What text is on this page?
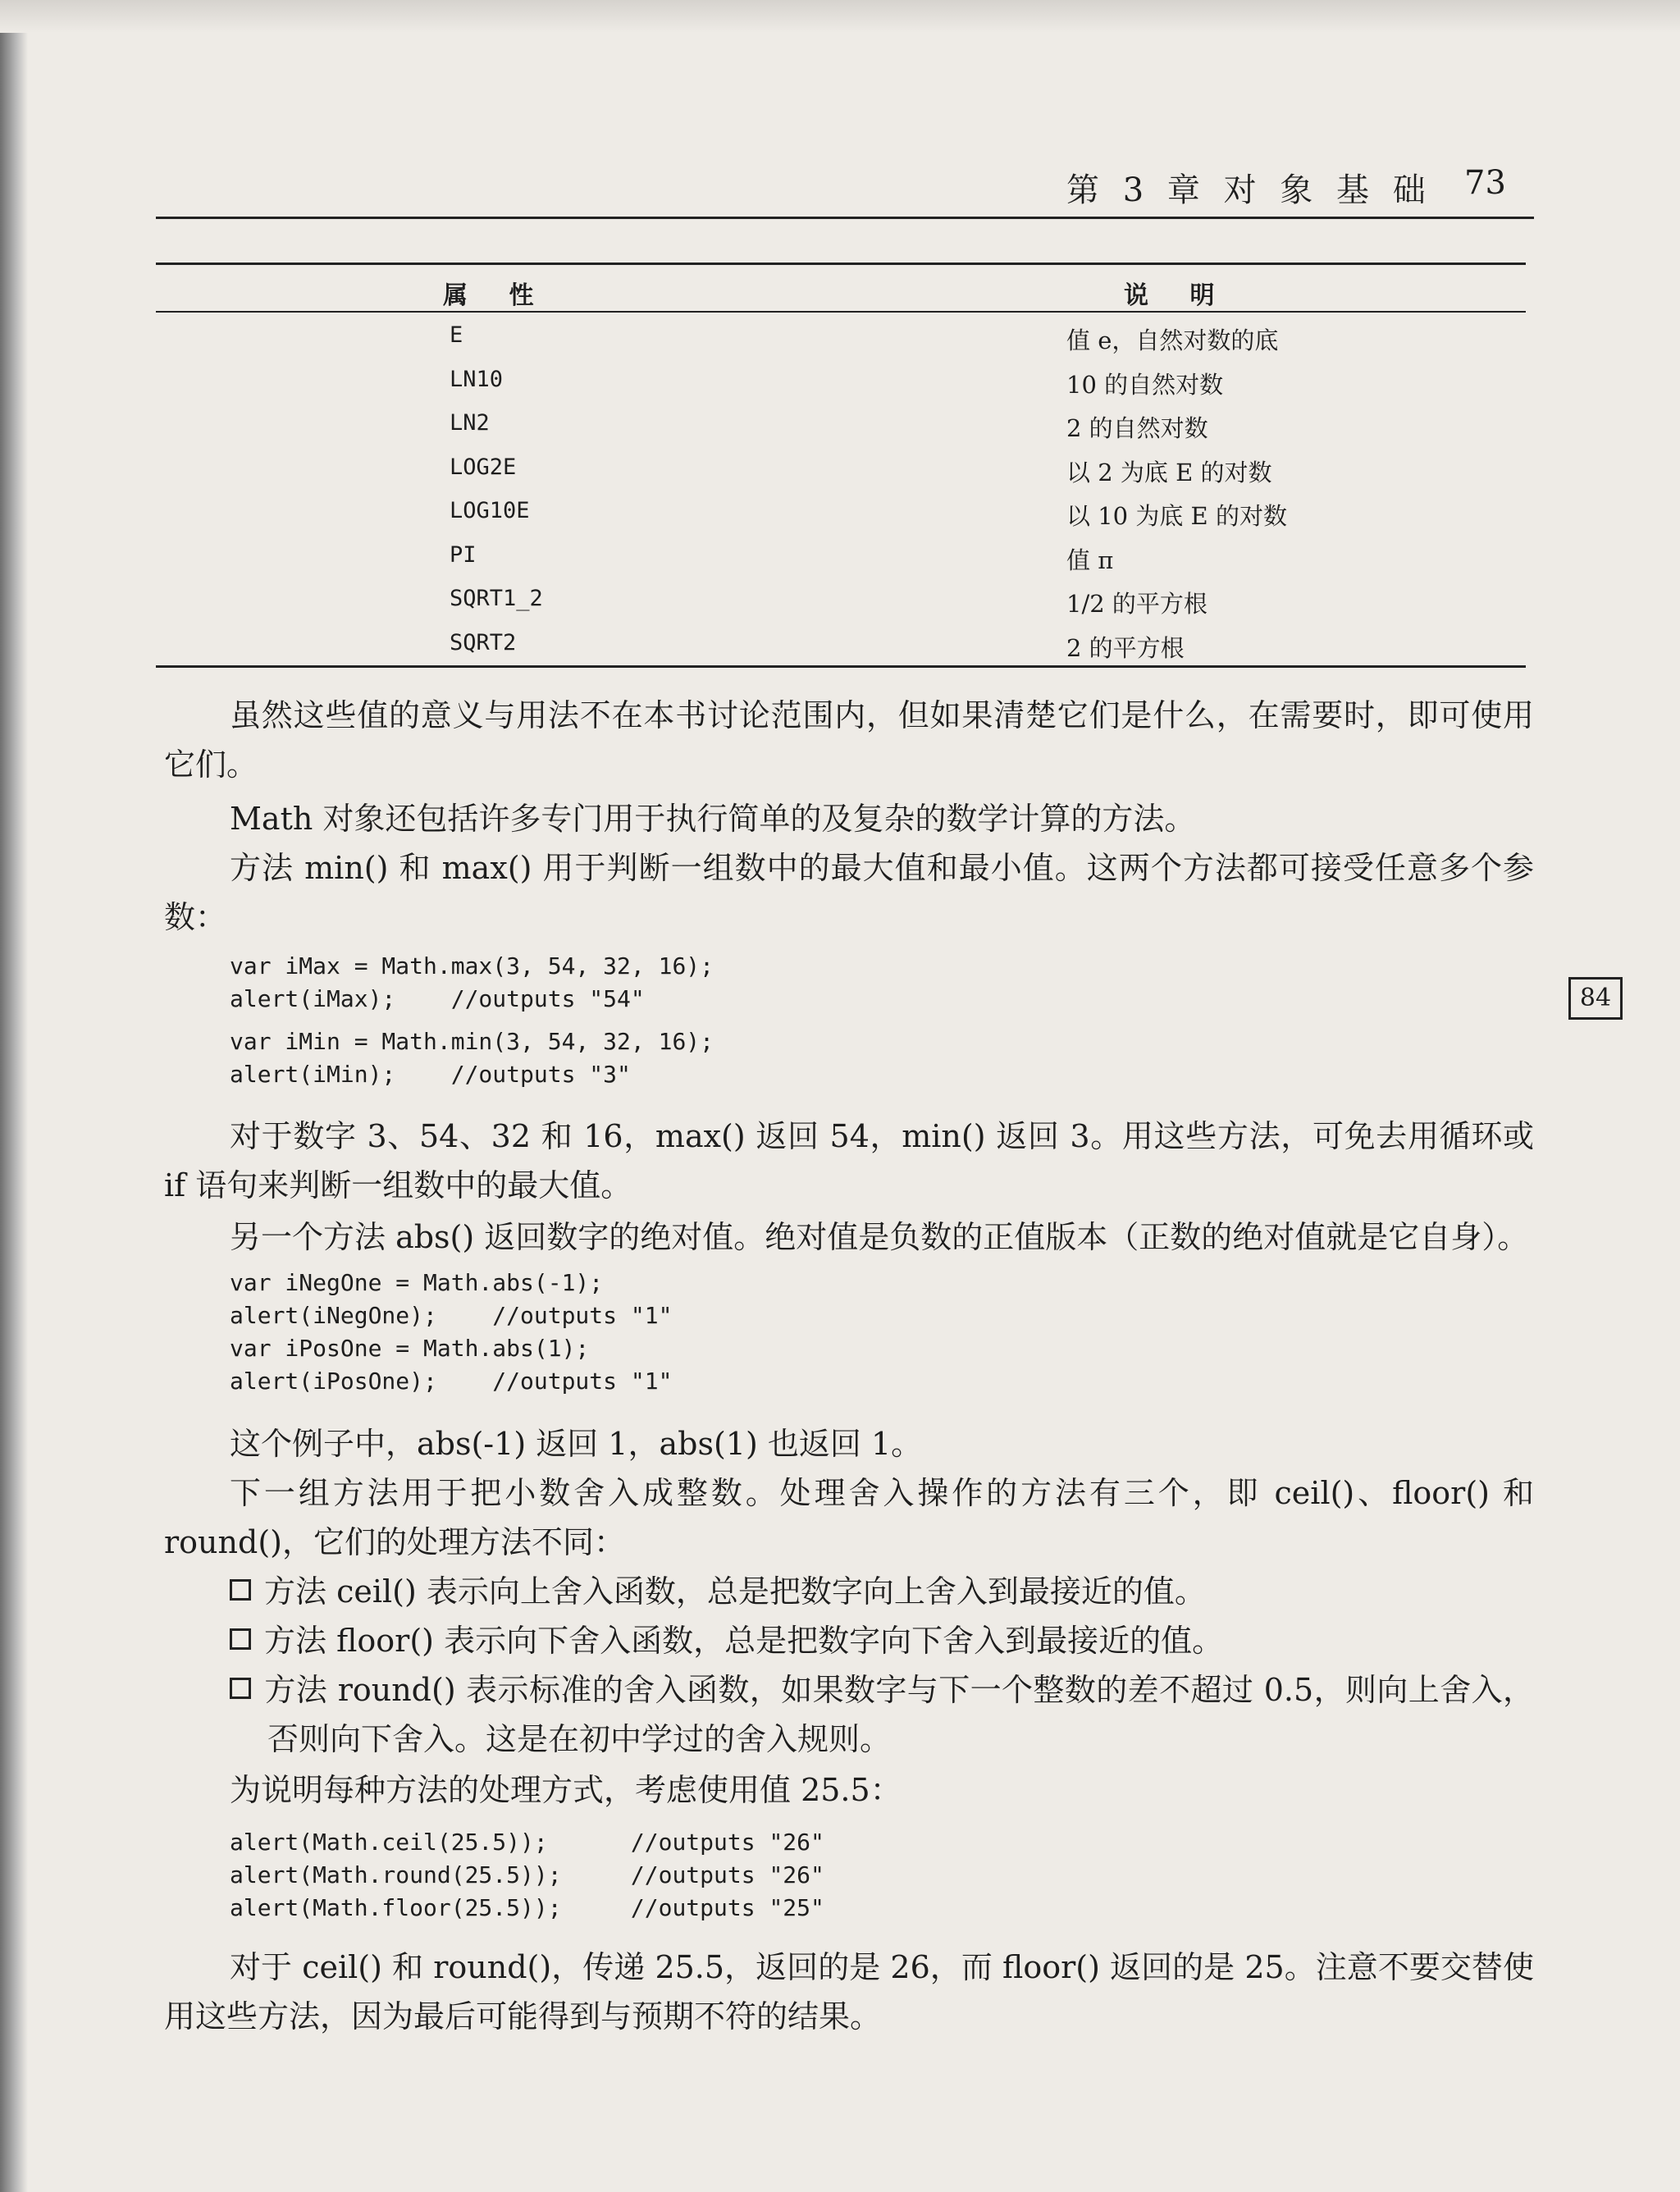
第 3 章 对 象 基 础 73
属 性	说 明
E	值 e，自然对数的底
LN10	10 的自然对数
LN2	2 的自然对数
LOG2E	以 2 为底 E 的对数
LOG10E	以 10 为底 E 的对数
PI	值 π
SQRT1_2	1/2 的平方根
SQRT2	2 的平方根

虽然这些值的意义与用法不在本书讨论范围内，但如果清楚它们是什么，在需要时，即可使用它们。

Math 对象还包括许多专门用于执行简单的及复杂的数学计算的方法。

方法 min() 和 max() 用于判断一组数中的最大值和最小值。这两个方法都可接受任意多个参数：

var iMax = Math.max(3, 54, 32, 16);
alert(iMax);    //outputs "54"
var iMin = Math.min(3, 54, 32, 16);
alert(iMin);    //outputs "3"
84

对于数字 3、54、32 和 16，max() 返回 54，min() 返回 3。用这些方法，可免去用循环或 if 语句来判断一组数中的最大值。

另一个方法 abs() 返回数字的绝对值。绝对值是负数的正值版本（正数的绝对值就是它自身）。

var iNegOne = Math.abs(-1);
alert(iNegOne);    //outputs "1"
var iPosOne = Math.abs(1);
alert(iPosOne);    //outputs "1"

这个例子中，abs(-1) 返回 1，abs(1) 也返回 1。

下一组方法用于把小数舍入成整数。处理舍入操作的方法有三个，即 ceil()、floor() 和 round()，它们的处理方法不同：

方法 ceil() 表示向上舍入函数，总是把数字向上舍入到最接近的值。

方法 floor() 表示向下舍入函数，总是把数字向下舍入到最接近的值。

方法 round() 表示标准的舍入函数，如果数字与下一个整数的差不超过 0.5，则向上舍入，否则向下舍入。这是在初中学过的舍入规则。

为说明每种方法的处理方式，考虑使用值 25.5：

alert(Math.ceil(25.5));      //outputs "26"
alert(Math.round(25.5));     //outputs "26"
alert(Math.floor(25.5));     //outputs "25"

对于 ceil() 和 round()，传递 25.5，返回的是 26，而 floor() 返回的是 25。注意不要交替使用这些方法，因为最后可能得到与预期不符的结果。
